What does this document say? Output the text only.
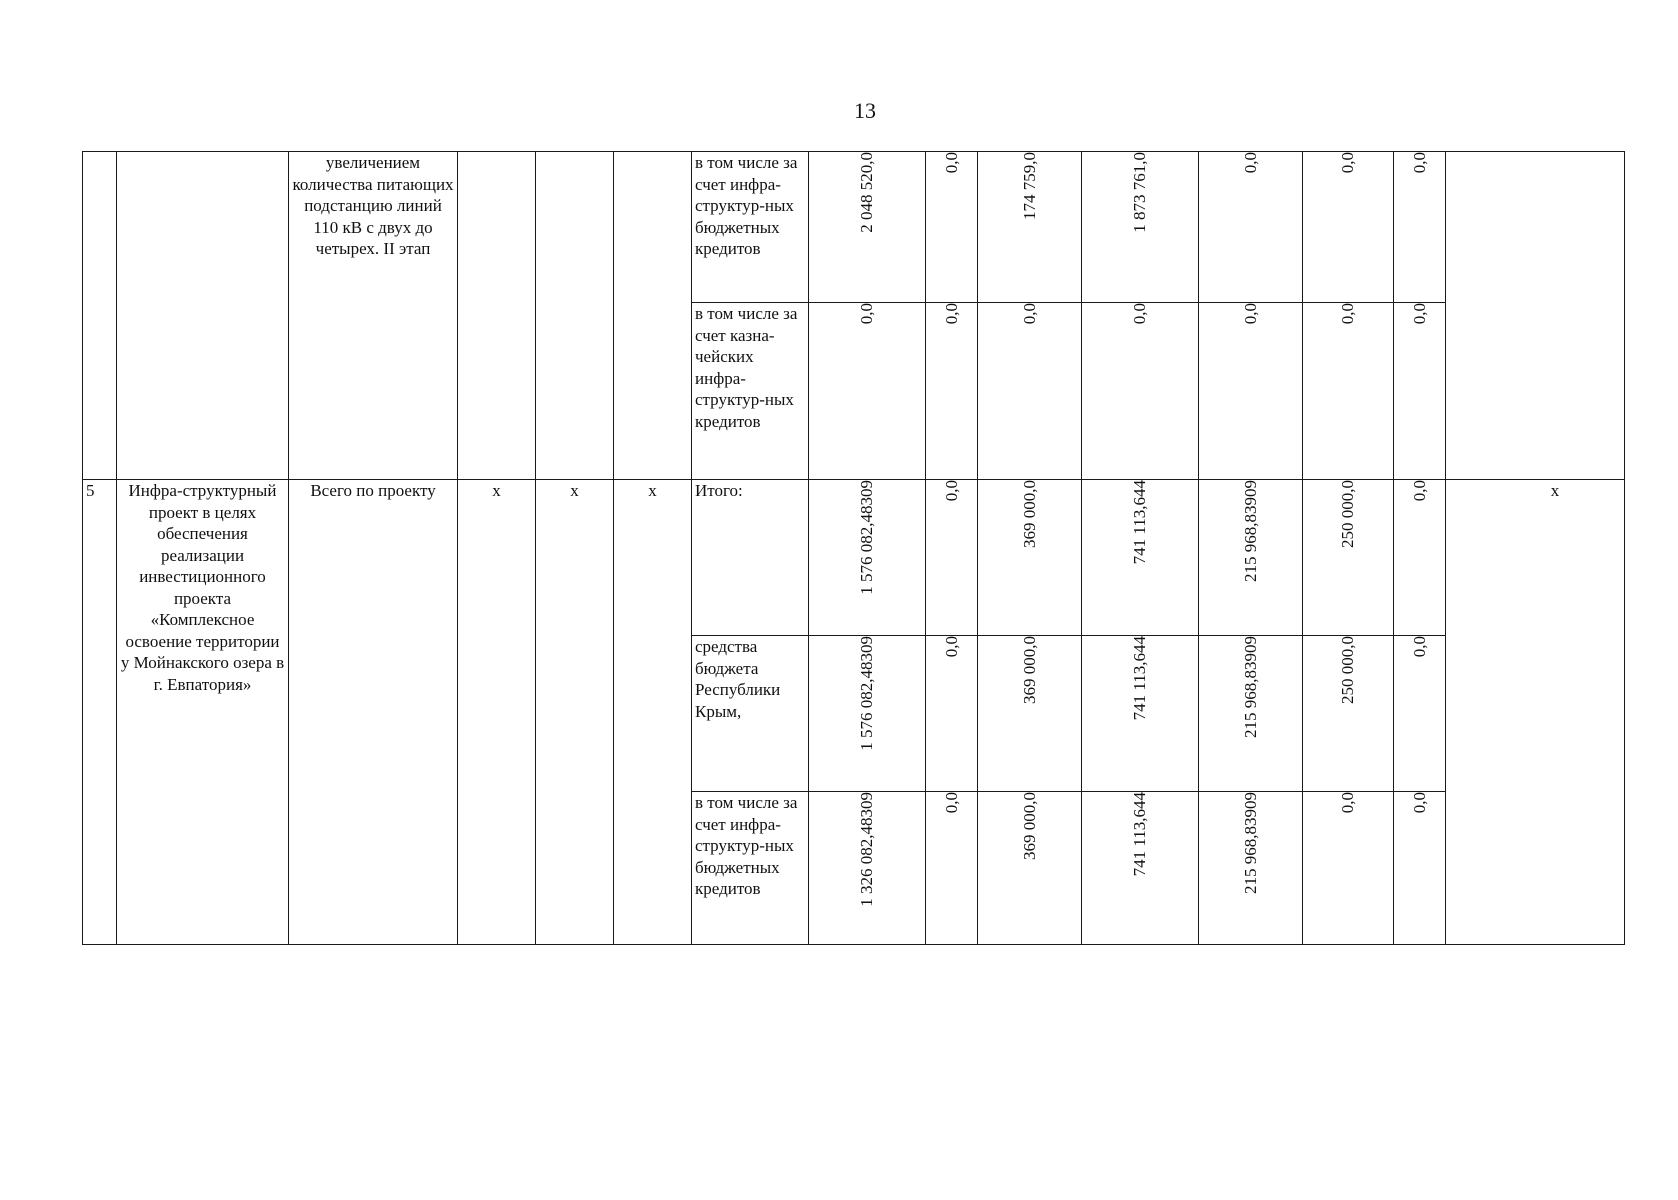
13
		увеличением количества питающих подстанцию линий 110 кВ с двух до четырех. II этап				в том числе за счет инфра-структур-ных бюджетных кредитов	2 048 520,0	0,0	174 759,0	1 873 761,0	0,0	0,0	0,0	

						в том числе за счет казна-чейских инфра-структур-ных кредитов	0,0	0,0	0,0	0,0	0,0	0,0	0,0	

5	Инфра-структурный проект в целях обеспечения реализации инвестиционного проекта «Комплексное освоение территории у Мойнакского озера в г. Евпатория»	Всего по проекту	x	x	x	Итого:	1 576 082,48309	0,0	369 000,0	741 113,644	215 968,83909	250 000,0	0,0	x

						средства бюджета Республики Крым,	1 576 082,48309	0,0	369 000,0	741 113,644	215 968,83909	250 000,0	0,0	

						в том числе за счет инфра-структур-ных бюджетных кредитов	1 326 082,48309	0,0	369 000,0	741 113,644	215 968,83909	0,0	0,0	
